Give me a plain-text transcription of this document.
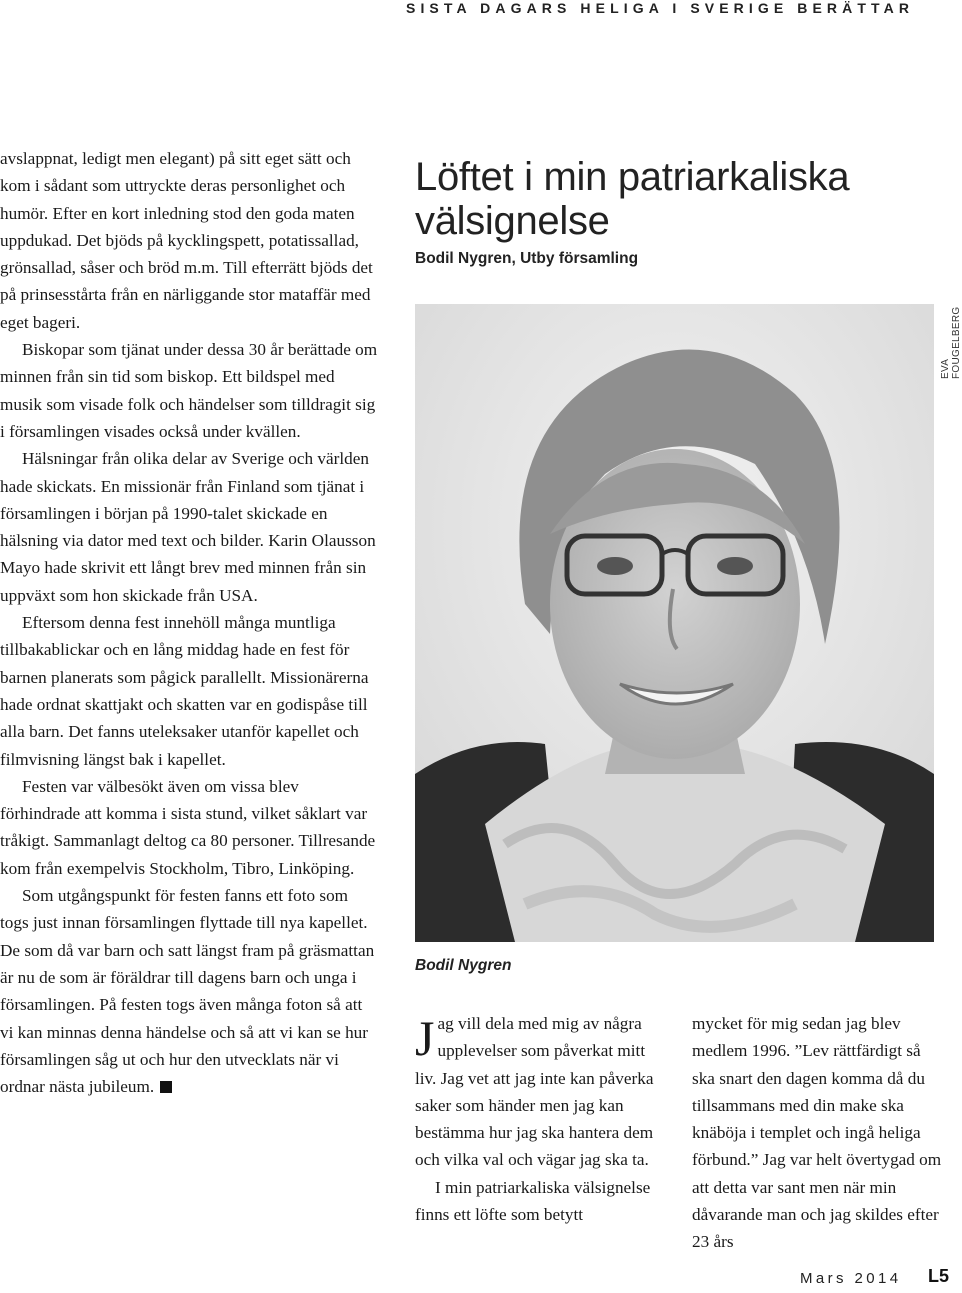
SISTA DAGARS HELIGA I SVERIGE BERÄTTAR

avslappnat, ledigt men elegant) på sitt eget sätt och kom i sådant som uttryckte deras personlighet och humör. Efter en kort inledning stod den goda maten uppdukad. Det bjöds på kycklingspett, potatissallad, grönsallad, såser och bröd m.m. Till efterrätt bjöds det på prinsesstårta från en närliggande stor mataffär med eget bageri.

Biskopar som tjänat under dessa 30 år berättade om minnen från sin tid som biskop. Ett bildspel med musik som visade folk och händelser som tilldragit sig i församlingen visades också under kvällen.

Hälsningar från olika delar av Sverige och världen hade skickats. En missionär från Finland som tjänat i församlingen i början på 1990-talet skickade en hälsning via dator med text och bilder. Karin Olausson Mayo hade skrivit ett långt brev med minnen från sin uppväxt som hon skickade från USA.

Eftersom denna fest innehöll många muntliga tillbakablickar och en lång middag hade en fest för barnen planerats som pågick parallellt. Missionärerna hade ordnat skattjakt och skatten var en godispåse till alla barn. Det fanns uteleksaker utanför kapellet och filmvisning längst bak i kapellet.

Festen var välbesökt även om vissa blev förhindrade att komma i sista stund, vilket såklart var tråkigt. Sammanlagt deltog ca 80 personer. Tillresande kom från exempelvis Stockholm, Tibro, Linköping.

Som utgångspunkt för festen fanns ett foto som togs just innan församlingen flyttade till nya kapellet. De som då var barn och satt längst fram på gräsmattan är nu de som är föräldrar till dagens barn och unga i församlingen. På festen togs även många foton så att vi kan minnas denna händelse och så att vi kan se hur församlingen såg ut och hur den utvecklats när vi ordnar nästa jubileum.

Löftet i min patriarkaliska välsignelse
Bodil Nygren, Utby församling
EVA FOUGELBERG
Bodil Nygren

Jag vill dela med mig av några upplevelser som påverkat mitt liv. Jag vet att jag inte kan påverka saker som händer men jag kan bestämma hur jag ska hantera dem och vilka val och vägar jag ska ta.

I min patriarkaliska välsignelse finns ett löfte som betytt

mycket för mig sedan jag blev medlem 1996. ”Lev rättfärdigt så ska snart den dagen komma då du tillsammans med din make ska knäböja i templet och ingå heliga förbund.” Jag var helt övertygad om att detta var sant men när min dåvarande man och jag skildes efter 23 års

Mars 2014 L5
